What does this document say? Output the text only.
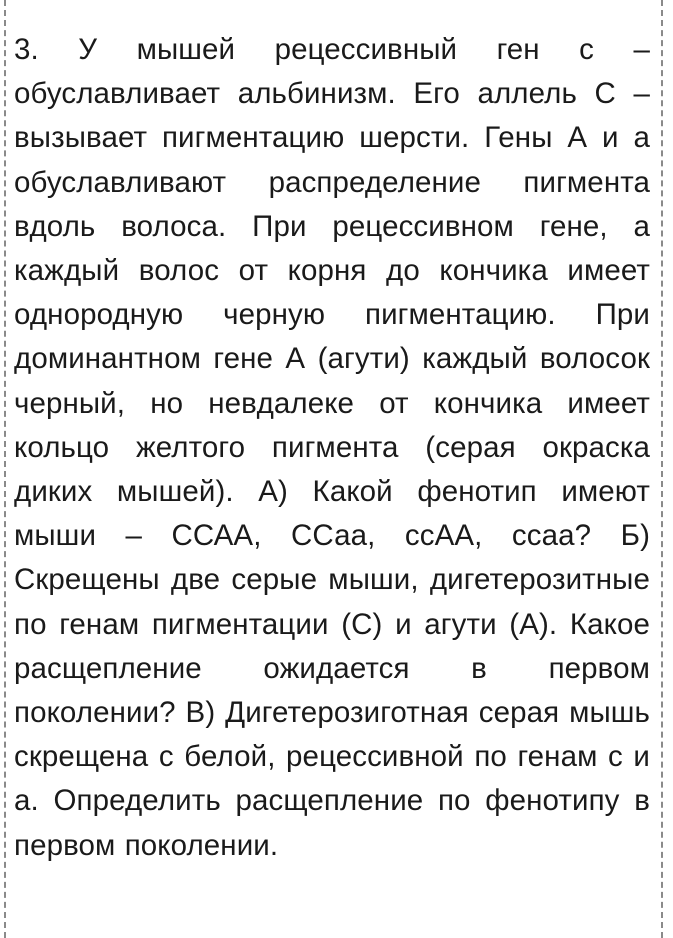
3. У мышей рецессивный ген с – обуславливает альбинизм. Его аллель С – вызывает пигментацию шерсти. Гены А и а обуславливают распределение пигмента вдоль волоса. При рецессивном гене, а каждый волос от корня до кончика имеет однородную черную пигментацию. При доминантном гене А (агути) каждый волосок черный, но невдалеке от кончика имеет кольцо желтого пигмента (серая окраска диких мышей). А) Какой фенотип имеют мыши – ССАА, ССаа, ссАА, ссаа? Б) Скрещены две серые мыши, дигетерозитные по генам пигментации (С) и агути (А). Какое расщепление ожидается в первом поколении? В) Дигетерозиготная серая мышь скрещена с белой, рецессивной по генам с и а. Определить расщепление по фенотипу в первом поколении.
